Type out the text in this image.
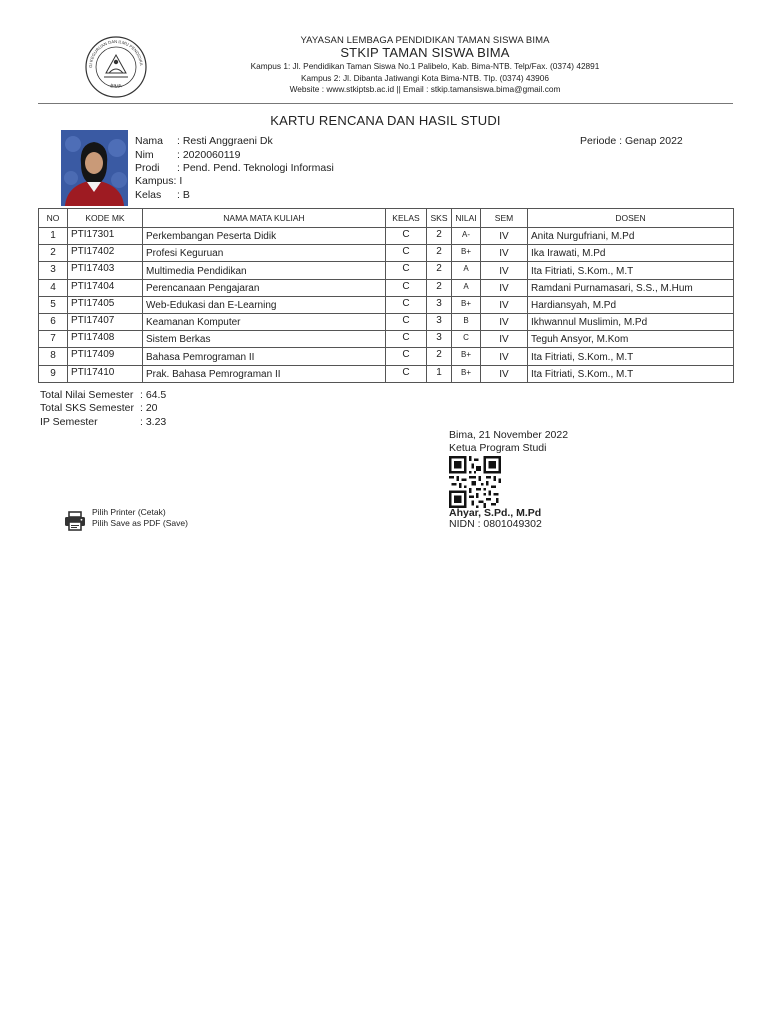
GI KEGURUAN DAN ILMU PENDIDIKA
BIMA
YAYASAN LEMBAGA PENDIDIKAN TAMAN SISWA BIMA
STKIP TAMAN SISWA BIMA
Kampus 1: Jl. Pendidikan Taman Siswa No.1 Palibelo, Kab. Bima-NTB. Telp/Fax. (0374) 42891
Kampus 2: Jl. Dibanta Jatiwangi Kota Bima-NTB. Tlp. (0374) 43906
Website : www.stkiptsb.ac.id || Email : stkip.tamansiswa.bima@gmail.com
KARTU RENCANA DAN HASIL STUDI
Nama : Resti Anggraeni Dk
Nim : 2020060119
Prodi : Pend. Pend. Teknologi Informasi
Kampus: I
Kelas : B
Periode : Genap 2022
NO	KODE MK	NAMA MATA KULIAH	KELAS	SKS	NILAI	SEM	DOSEN
1	PTI17301	Perkembangan Peserta Didik	C	2	A-	IV	Anita Nurgufriani, M.Pd
2	PTI17402	Profesi Keguruan	C	2	B+	IV	Ika Irawati, M.Pd
3	PTI17403	Multimedia Pendidikan	C	2	A	IV	Ita Fitriati, S.Kom., M.T
4	PTI17404	Perencanaan Pengajaran	C	2	A	IV	Ramdani Purnamasari, S.S., M.Hum
5	PTI17405	Web-Edukasi dan E-Learning	C	3	B+	IV	Hardiansyah, M.Pd
6	PTI17407	Keamanan Komputer	C	3	B	IV	Ikhwannul Muslimin, M.Pd
7	PTI17408	Sistem Berkas	C	3	C	IV	Teguh Ansyor, M.Kom
8	PTI17409	Bahasa Pemrograman II	C	2	B+	IV	Ita Fitriati, S.Kom., M.T
9	PTI17410	Prak. Bahasa Pemrograman II	C	1	B+	IV	Ita Fitriati, S.Kom., M.T
Total Nilai Semester : 64.5
Total SKS Semester : 20
IP Semester	: 3.23
Bima, 21 November 2022
Ketua Program Studi
Ahyar, S.Pd., M.Pd
NIDN : 0801049302
Pilih Printer (Cetak)
Pilih Save as PDF (Save)
